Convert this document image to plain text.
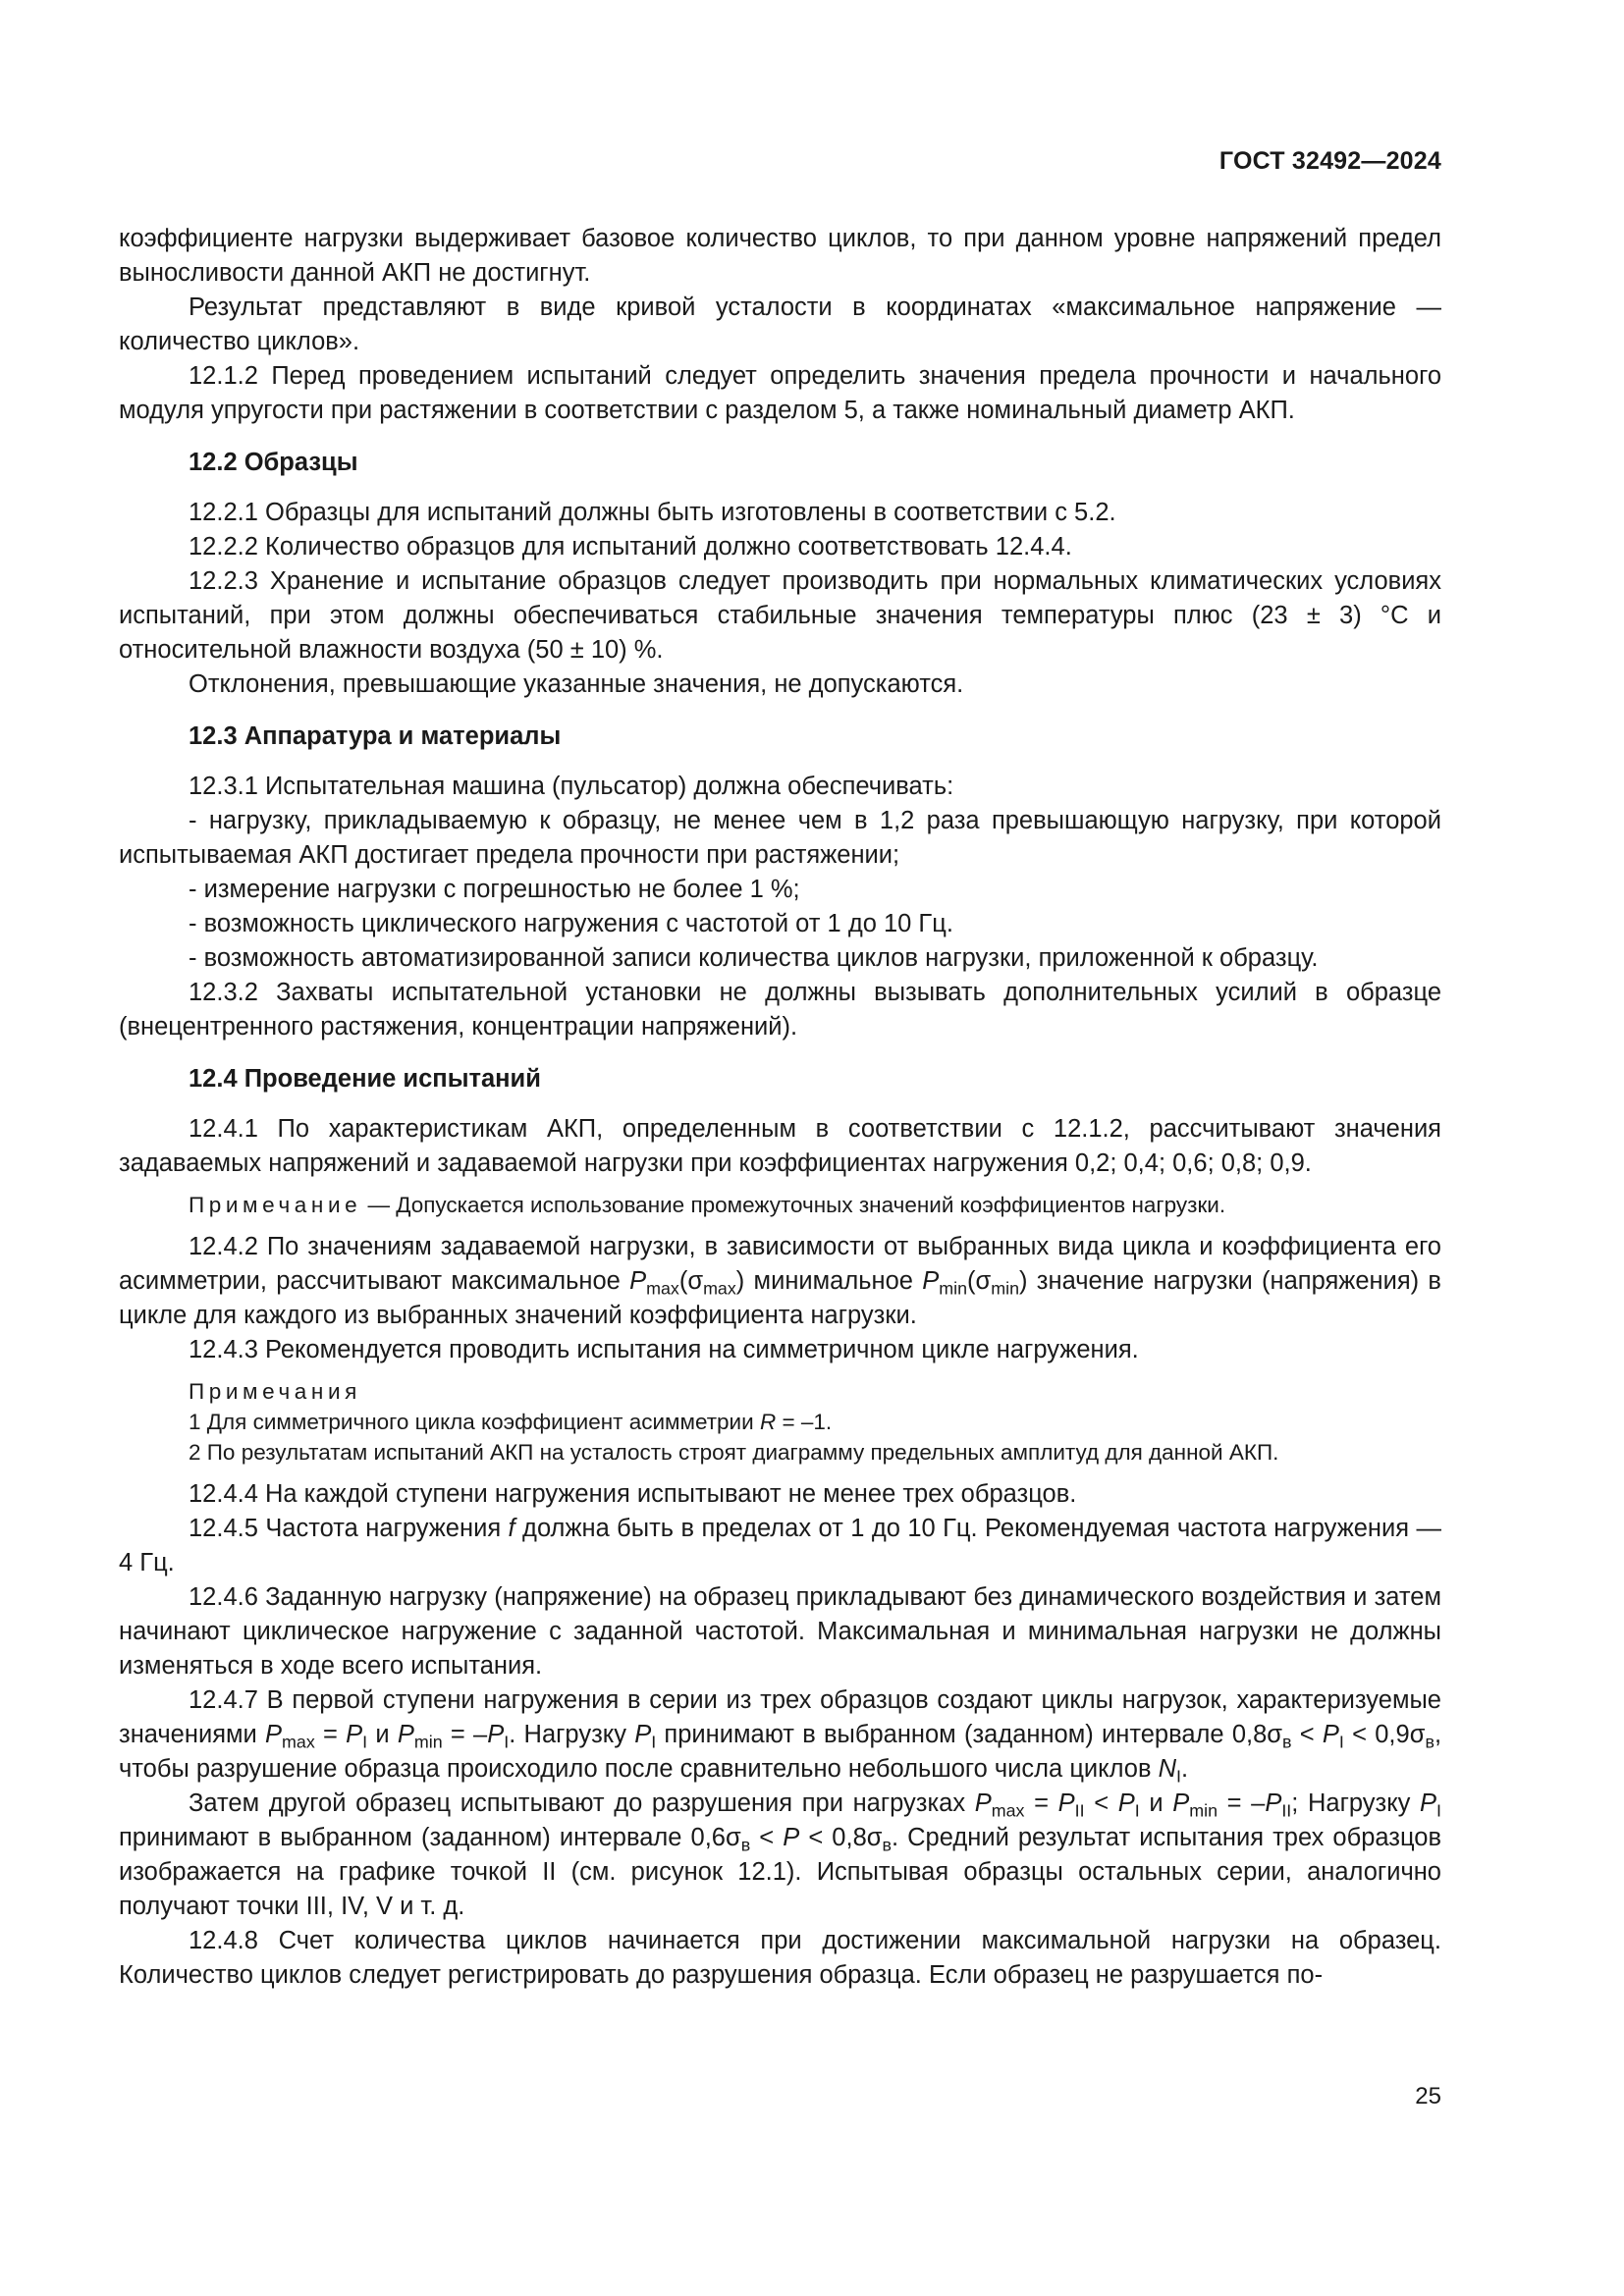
ГОСТ 32492—2024

коэффициенте нагрузки выдерживает базовое количество циклов, то при данном уровне напряжений предел выносливости данной АКП не достигнут.

Результат представляют в виде кривой усталости в координатах «максимальное напряжение — количество циклов».

12.1.2 Перед проведением испытаний следует определить значения предела прочности и начального модуля упругости при растяжении в соответствии с разделом 5, а также номинальный диаметр АКП.

12.2 Образцы

12.2.1 Образцы для испытаний должны быть изготовлены в соответствии с 5.2.

12.2.2 Количество образцов для испытаний должно соответствовать 12.4.4.

12.2.3 Хранение и испытание образцов следует производить при нормальных климатических условиях испытаний, при этом должны обеспечиваться стабильные значения температуры плюс (23 ± 3) °С и относительной влажности воздуха (50 ± 10) %.

Отклонения, превышающие указанные значения, не допускаются.

12.3 Аппаратура и материалы

12.3.1 Испытательная машина (пульсатор) должна обеспечивать:

- нагрузку, прикладываемую к образцу, не менее чем в 1,2 раза превышающую нагрузку, при которой испытываемая АКП достигает предела прочности при растяжении;

- измерение нагрузки с погрешностью не более 1 %;

- возможность циклического нагружения с частотой от 1 до 10 Гц.

- возможность автоматизированной записи количества циклов нагрузки, приложенной к образцу.

12.3.2 Захваты испытательной установки не должны вызывать дополнительных усилий в образце (внецентренного растяжения, концентрации напряжений).

12.4 Проведение испытаний

12.4.1 По характеристикам АКП, определенным в соответствии с 12.1.2, рассчитывают значения задаваемых напряжений и задаваемой нагрузки при коэффициентах нагружения 0,2; 0,4; 0,6; 0,8; 0,9.

Примечание — Допускается использование промежуточных значений коэффициентов нагрузки.

12.4.2 По значениям задаваемой нагрузки, в зависимости от выбранных вида цикла и коэффициента его асимметрии, рассчитывают максимальное $P_{max}(\sigma_{max})$ минимальное $P_{min}(\sigma_{min})$ значение нагрузки (напряжения) в цикле для каждого из выбранных значений коэффициента нагрузки.

12.4.3 Рекомендуется проводить испытания на симметричном цикле нагружения.

Примечания
1 Для симметричного цикла коэффициент асимметрии R = –1.
2 По результатам испытаний АКП на усталость строят диаграмму предельных амплитуд для данной АКП.

12.4.4 На каждой ступени нагружения испытывают не менее трех образцов.

12.4.5 Частота нагружения f должна быть в пределах от 1 до 10 Гц. Рекомендуемая частота нагружения — 4 Гц.

12.4.6 Заданную нагрузку (напряжение) на образец прикладывают без динамического воздействия и затем начинают циклическое нагружение с заданной частотой. Максимальная и минимальная нагрузки не должны изменяться в ходе всего испытания.

12.4.7 В первой ступени нагружения в серии из трех образцов создают циклы нагрузок, характеризуемые значениями $P_{max} = P_I$ и $P_{min} = -P_I$. Нагрузку $P_I$ принимают в выбранном (заданном) интервале $0,8\sigma_в < P_I < 0,9\sigma_в$, чтобы разрушение образца происходило после сравнительно небольшого числа циклов $N_I$.

Затем другой образец испытывают до разрушения при нагрузках $P_{max} = P_{II} < P_I$ и $P_{min} = -P_{II}$; Нагрузку $P_I$ принимают в выбранном (заданном) интервале $0,6\sigma_в < P < 0,8\sigma_в$. Средний результат испытания трех образцов изображается на графике точкой II (см. рисунок 12.1). Испытывая образцы остальных серии, аналогично получают точки III, IV, V и т. д.

12.4.8 Счет количества циклов начинается при достижении максимальной нагрузки на образец. Количество циклов следует регистрировать до разрушения образца. Если образец не разрушается по-

25
